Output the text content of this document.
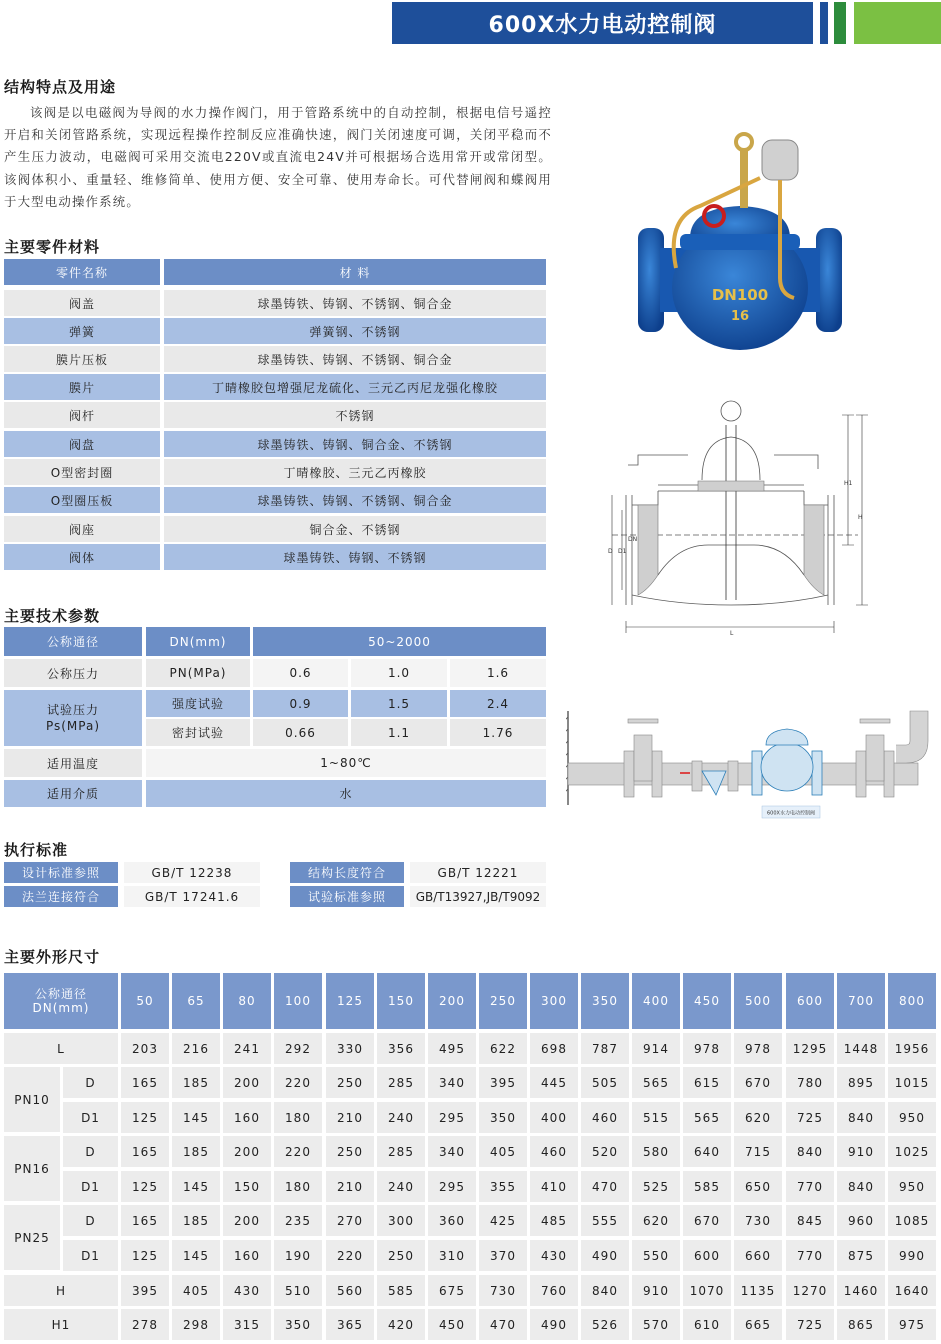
600X水力电动控制阀
结构特点及用途
该阀是以电磁阀为导阀的水力操作阀门，用于管路系统中的自动控制，根据电信号遥控开启和关闭管路系统，实现远程操作控制反应准确快速，阀门关闭速度可调，关闭平稳而不产生压力波动，电磁阀可采用交流电220V或直流电24V并可根据场合选用常开或常闭型。该阀体积小、重量轻、维修简单、使用方便、安全可靠、使用寿命长。可代替闸阀和蝶阀用于大型电动操作系统。
主要零件材料
零件名称	材 料
阀盖	球墨铸铁、铸钢、不锈钢、铜合金
弹簧	弹簧钢、不锈钢
膜片压板	球墨铸铁、铸钢、不锈钢、铜合金
膜片	丁晴橡胶包增强尼龙硫化、三元乙丙尼龙强化橡胶
阀杆	不锈钢
阀盘	球墨铸铁、铸钢、铜合金、不锈钢
O型密封圈	丁晴橡胶、三元乙丙橡胶
O型圈压板	球墨铸铁、铸钢、不锈钢、铜合金
阀座	铜合金、不锈钢
阀体	球墨铸铁、铸钢、不锈钢
主要技术参数
公称通径	DN(mm)	50~2000
公称压力	PN(MPa)	0.6	1.0	1.6
试验压力
Ps(MPa)
强度试验	0.9	1.5	2.4
密封试验	0.66	1.1	1.76
适用温度	1~80℃
适用介质	水
执行标准
设计标准参照	GB/T 12238	结构长度符合	GB/T 12221
法兰连接符合	GB/T 17241.6	试验标准参照	GB/T13927,JB/T9092
主要外形尺寸
公称通径
DN(mm)	50	65	80	100	125	150	200	250	300	350	400	450	500	600	700	800
L	203	216	241	292	330	356	495	622	698	787	914	978	978	1295	1448	1956
PN10
D	165	185	200	220	250	285	340	395	445	505	565	615	670	780	895	1015
D1	125	145	160	180	210	240	295	350	400	460	515	565	620	725	840	950
PN16
D	165	185	200	220	250	285	340	405	460	520	580	640	715	840	910	1025
D1	125	145	150	180	210	240	295	355	410	470	525	585	650	770	840	950
PN25
D	165	185	200	235	270	300	360	425	485	555	620	670	730	845	960	1085
D1	125	145	160	190	220	250	310	370	430	490	550	600	660	770	875	990
H	395	405	430	510	560	585	675	730	760	840	910	1070	1135	1270	1460	1640
H1	278	298	315	350	365	420	450	470	490	526	570	610	665	725	865	975
DN100
16
H1
H
D D1
DN
L
600X水力电动控制阀
